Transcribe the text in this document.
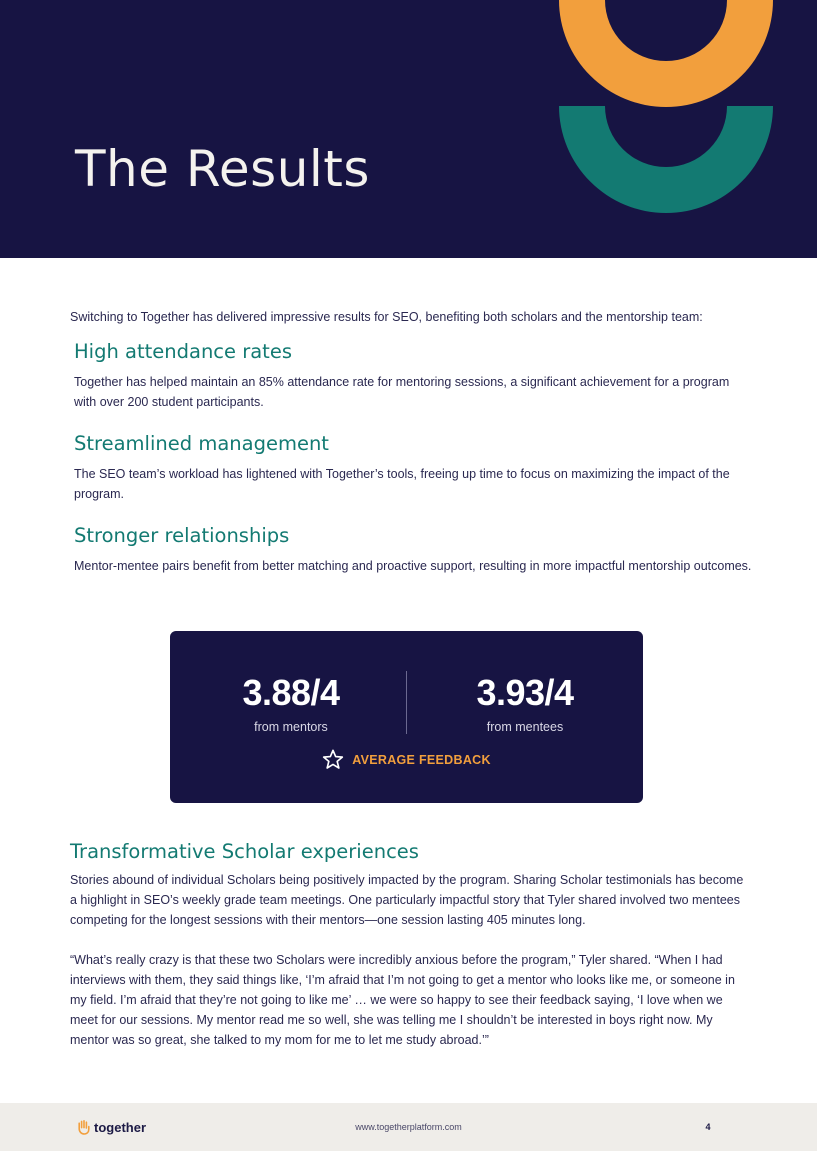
The Results

Switching to Together has delivered impressive results for SEO, benefiting both scholars and the mentorship team:

High attendance rates

Together has helped maintain an 85% attendance rate for mentoring sessions, a significant achievement for a program with over 200 student participants.

Streamlined management

The SEO team’s workload has lightened with Together’s tools, freeing up time to focus on maximizing the impact of the program.

Stronger relationships

Mentor-mentee pairs benefit from better matching and proactive support, resulting in more impactful mentorship outcomes.

3.88/4
from mentors
3.93/4
from mentees
AVERAGE FEEDBACK
Transformative Scholar experiences

Stories abound of individual Scholars being positively impacted by the program. Sharing Scholar testimonials has become a highlight in SEO’s weekly grade team meetings. One particularly impactful story that Tyler shared involved two mentees competing for the longest sessions with their mentors—one session lasting 405 minutes long.

“What’s really crazy is that these two Scholars were incredibly anxious before the program,” Tyler shared. “When I had interviews with them, they said things like, ‘I’m afraid that I’m not going to get a mentor who looks like me, or someone in my field. I’m afraid that they’re not going to like me’ … we were so happy to see their feedback saying, ‘I love when we meet for our sessions. My mentor read me so well, she was telling me I shouldn’t be interested in boys right now. My mentor was so great, she talked to my mom for me to let me study abroad.’”

together	www.togetherplatform.com	4
